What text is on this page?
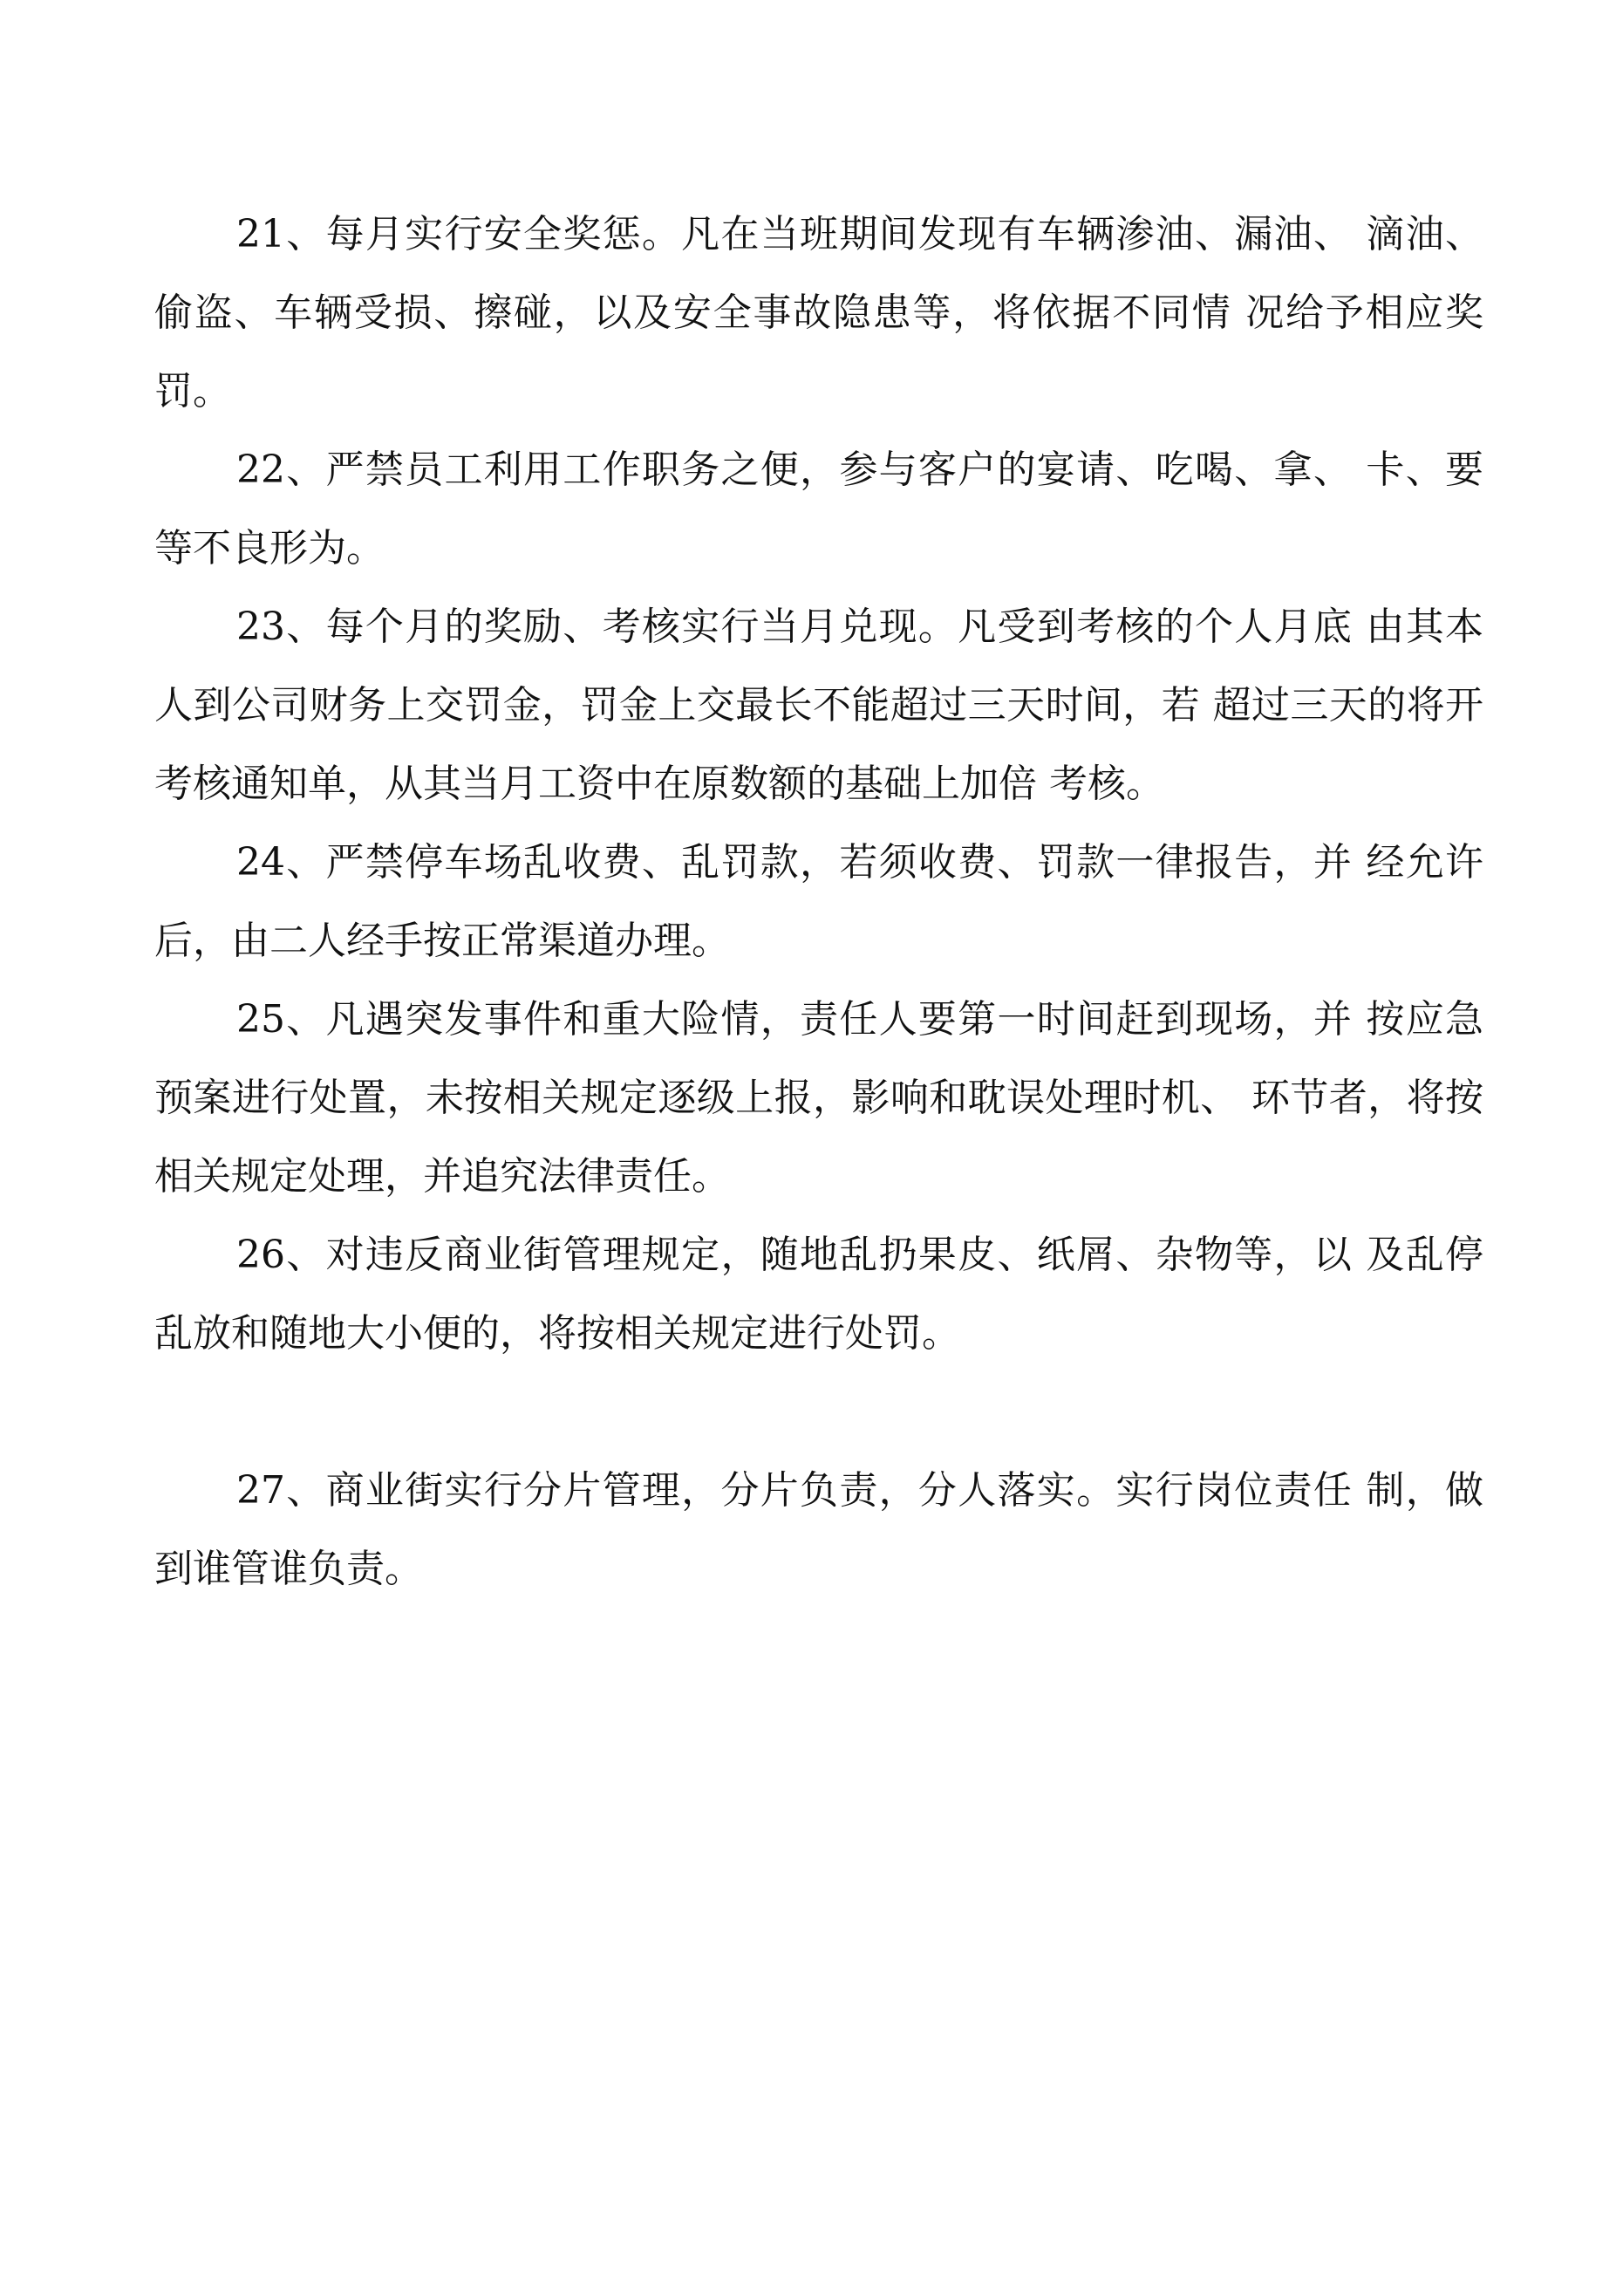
21、每月实行安全奖惩。凡在当班期间发现有车辆渗油、漏油、 滴油、偷盗、车辆受损、擦碰，以及安全事故隐患等，将依据不同情 况给予相应奖罚。

22、严禁员工利用工作职务之便，参与客户的宴请、吃喝、拿、 卡、要等不良形为。

23、每个月的奖励、考核实行当月兑现。凡受到考核的个人月底 由其本人到公司财务上交罚金，罚金上交最长不能超过三天时间，若 超过三天的将开考核通知单，从其当月工资中在原数额的基础上加倍 考核。

24、严禁停车场乱收费、乱罚款，若须收费、罚款一律报告，并 经允许后，由二人经手按正常渠道办理。

25、凡遇突发事件和重大险情，责任人要第一时间赶到现场，并 按应急预案进行处置，未按相关规定逐级上报，影响和耽误处理时机、 环节者，将按相关规定处理，并追究法律责任。

26、对违反商业街管理规定，随地乱扔果皮、纸屑、杂物等，以 及乱停乱放和随地大小便的，将按相关规定进行处罚。

27、商业街实行分片管理，分片负责，分人落实。实行岗位责任 制，做到谁管谁负责。
